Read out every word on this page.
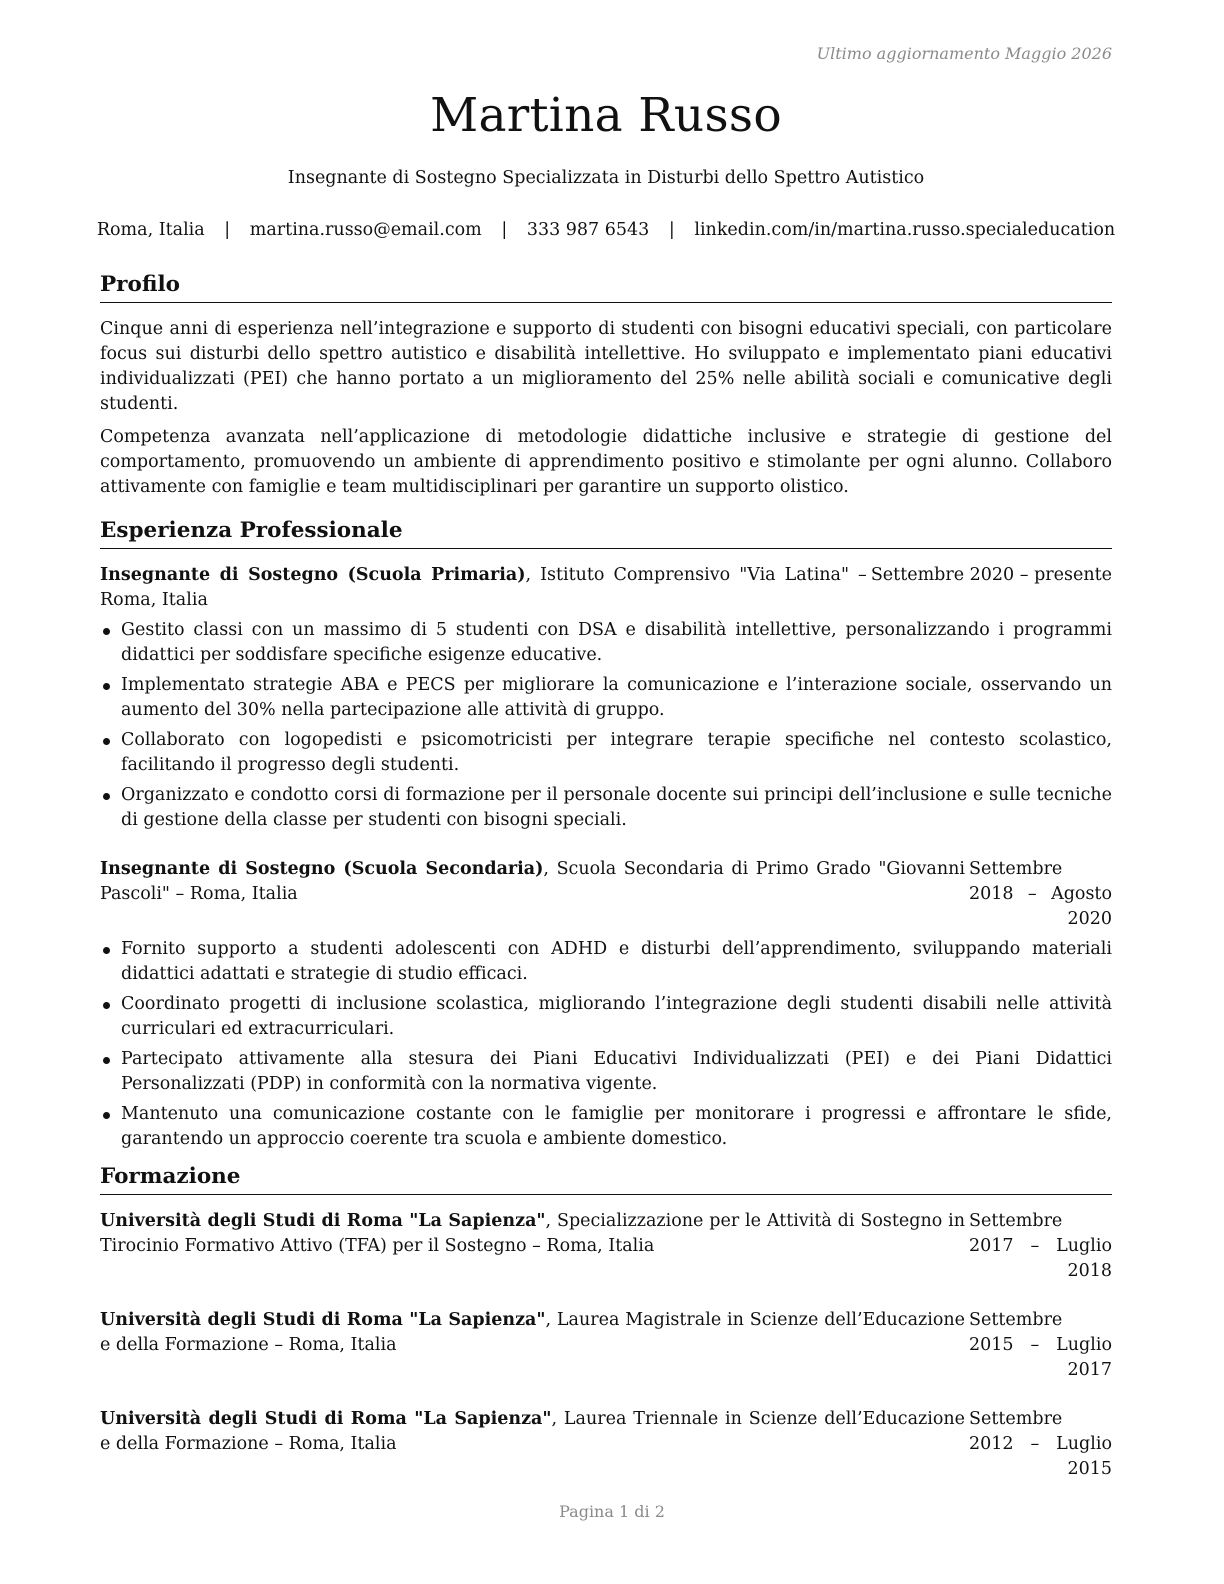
Ultimo aggiornamento Maggio 2026
Martina Russo
Insegnante di Sostegno Specializzata in Disturbi dello Spettro Autistico
Roma, Italia | martina.russo@email.com | 333 987 6543 | linkedin.com/in/martina.russo.specialeducation
Profilo

Cinque anni di esperienza nell’integrazione e supporto di studenti con bisogni educativi speciali, con particolare focus sui disturbi dello spettro autistico e disabilità intellettive. Ho sviluppato e implementato piani educativi individualizzati (PEI) che hanno portato a un miglioramento del 25% nelle abilità sociali e comunicative degli studenti.

Competenza avanzata nell’applicazione di metodologie didattiche inclusive e strategie di gestione del comportamento, promuovendo un ambiente di apprendimento positivo e stimolante per ogni alunno. Collaboro attivamente con famiglie e team multidisciplinari per garantire un supporto olistico.

Esperienza Professionale
Insegnante di Sostegno (Scuola Primaria), Istituto Comprensivo "Via Latina" – Roma, Italia
Settembre 2020 – presente
Gestito classi con un massimo di 5 studenti con DSA e disabilità intellettive, personalizzando i programmi didattici per soddisfare specifiche esigenze educative.
Implementato strategie ABA e PECS per migliorare la comunicazione e l’interazione sociale, osservando un aumento del 30% nella partecipazione alle attività di gruppo.
Collaborato con logopedisti e psicomotricisti per integrare terapie specifiche nel contesto scolastico, facilitando il progresso degli studenti.
Organizzato e condotto corsi di formazione per il personale docente sui principi dell’inclusione e sulle tecniche di gestione della classe per studenti con bisogni speciali.
Insegnante di Sostegno (Scuola Secondaria), Scuola Secondaria di Primo Grado "Giovanni Pascoli" – Roma, Italia
Settembre 2018 – Agosto 2020
Fornito supporto a studenti adolescenti con ADHD e disturbi dell’apprendimento, sviluppando materiali didattici adattati e strategie di studio efficaci.
Coordinato progetti di inclusione scolastica, migliorando l’integrazione degli studenti disabili nelle attività curriculari ed extracurriculari.
Partecipato attivamente alla stesura dei Piani Educativi Individualizzati (PEI) e dei Piani Didattici Personalizzati (PDP) in conformità con la normativa vigente.
Mantenuto una comunicazione costante con le famiglie per monitorare i progressi e affrontare le sfide, garantendo un approccio coerente tra scuola e ambiente domestico.
Formazione
Università degli Studi di Roma "La Sapienza", Specializzazione per le Attività di Sostegno in Tirocinio Formativo Attivo (TFA) per il Sostegno – Roma, Italia
Settembre 2017 – Luglio 2018
Università degli Studi di Roma "La Sapienza", Laurea Magistrale in Scienze dell’Educazione e della Formazione – Roma, Italia
Settembre 2015 – Luglio 2017
Università degli Studi di Roma "La Sapienza", Laurea Triennale in Scienze dell’Educazione e della Formazione – Roma, Italia
Settembre 2012 – Luglio 2015
Pagina 1 di 2
